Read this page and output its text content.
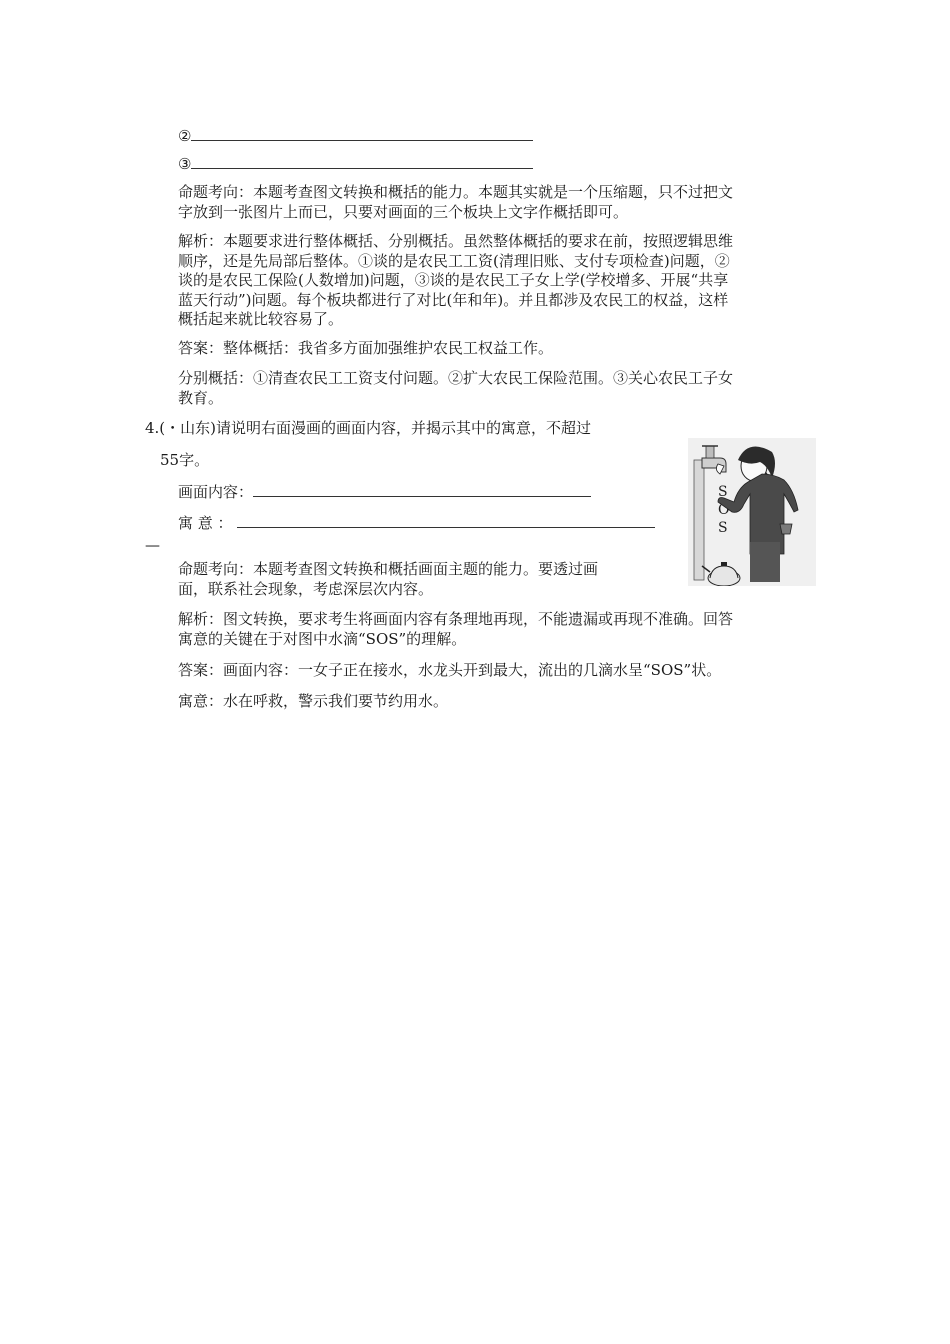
②
③
命题考向：本题考查图文转换和概括的能力。本题其实就是一个压缩题，只不过把文
字放到一张图片上而已，只要对画面的三个板块上文字作概括即可。
解析：本题要求进行整体概括、分别概括。虽然整体概括的要求在前，按照逻辑思维
顺序，还是先局部后整体。①谈的是农民工工资(清理旧账、支付专项检查)问题，②
谈的是农民工保险(人数增加)问题，③谈的是农民工子女上学(学校增多、开展“共享
蓝天行动”)问题。每个板块都进行了对比(年和年)。并且都涉及农民工的权益，这样
概括起来就比较容易了。
答案：整体概括：我省多方面加强维护农民工权益工作。
分别概括：①清查农民工工资支付问题。②扩大农民工保险范围。③关心农民工子女
教育。
4.(・山东)请说明右面漫画的画面内容，并揭示其中的寓意，不超过
55字。
画面内容：
寓 意 ：
—
命题考向：本题考查图文转换和概括画面主题的能力。要透过画
面，联系社会现象，考虑深层次内容。
解析：图文转换，要求考生将画面内容有条理地再现，不能遗漏或再现不准确。回答
寓意的关键在于对图中水滴“SOS”的理解。
答案：画面内容：一女子正在接水，水龙头开到最大，流出的几滴水呈“SOS”状。
寓意：水在呼救，警示我们要节约用水。
S
O
S
